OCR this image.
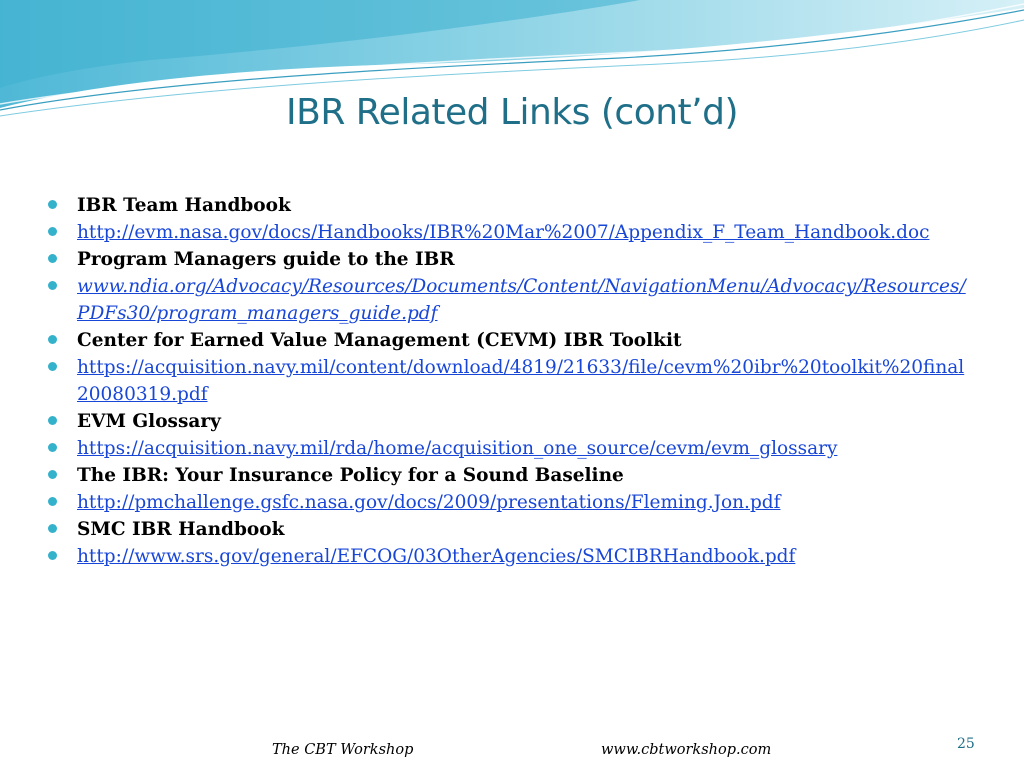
IBR Related Links (cont’d)
IBR Team Handbook
http://evm.nasa.gov/docs/Handbooks/IBR%20Mar%2007/Appendix_F_Team_Handbook.doc
Program Managers guide to the IBR
www.ndia.org/Advocacy/Resources/Documents/Content/NavigationMenu/Advocacy/Resources/PDFs30/program_managers_guide.pdf
Center for Earned Value Management (CEVM) IBR Toolkit
https://acquisition.navy.mil/content/download/4819/21633/file/cevm%20ibr%20toolkit%20final20080319.pdf
EVM Glossary
https://acquisition.navy.mil/rda/home/acquisition_one_source/cevm/evm_glossary
The IBR: Your Insurance Policy for a Sound Baseline
http://pmchallenge.gsfc.nasa.gov/docs/2009/presentations/Fleming.Jon.pdf
SMC IBR Handbook
http://www.srs.gov/general/EFCOG/03OtherAgencies/SMCIBRHandbook.pdf
The CBT Workshop	www.cbtworkshop.com	25
